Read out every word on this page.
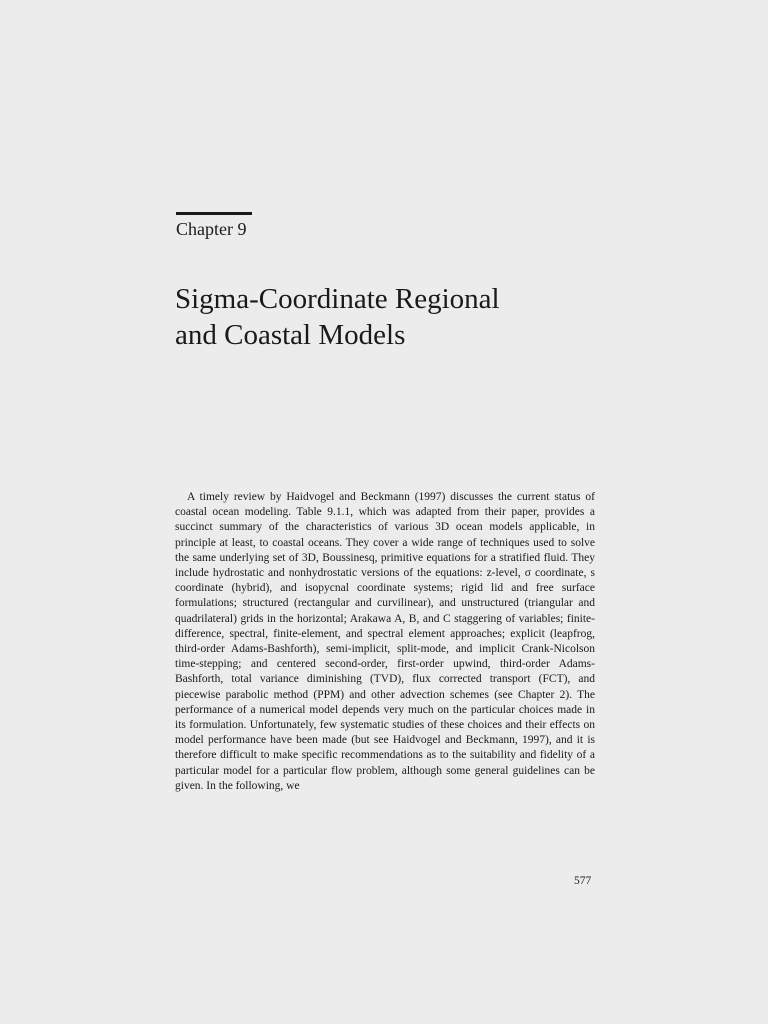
Chapter 9
Sigma-Coordinate Regional
and Coastal Models

A timely review by Haidvogel and Beckmann (1997) discusses the current status of coastal ocean modeling. Table 9.1.1, which was adapted from their paper, provides a succinct summary of the characteristics of various 3D ocean models applicable, in principle at least, to coastal oceans. They cover a wide range of techniques used to solve the same underlying set of 3D, Boussinesq, primitive equations for a stratified fluid. They include hydrostatic and nonhydrostatic versions of the equations: z-level, σ coordinate, s coordinate (hybrid), and isopycnal coordinate systems; rigid lid and free surface formulations; structured (rectangular and curvilinear), and unstructured (triangular and quadrilateral) grids in the horizontal; Arakawa A, B, and C staggering of variables; finite-difference, spectral, finite-element, and spectral element approaches; explicit (leapfrog, third-order Adams-Bashforth), semi-implicit, split-mode, and implicit Crank-Nicolson time-stepping; and centered second-order, first-order upwind, third-order Adams-Bashforth, total variance diminishing (TVD), flux corrected transport (FCT), and piecewise parabolic method (PPM) and other advection schemes (see Chapter 2). The performance of a numerical model depends very much on the particular choices made in its formulation. Unfortunately, few systematic studies of these choices and their effects on model performance have been made (but see Haidvogel and Beckmann, 1997), and it is therefore difficult to make specific recommendations as to the suitability and fidelity of a particular model for a particular flow problem, although some general guidelines can be given. In the following, we

577
